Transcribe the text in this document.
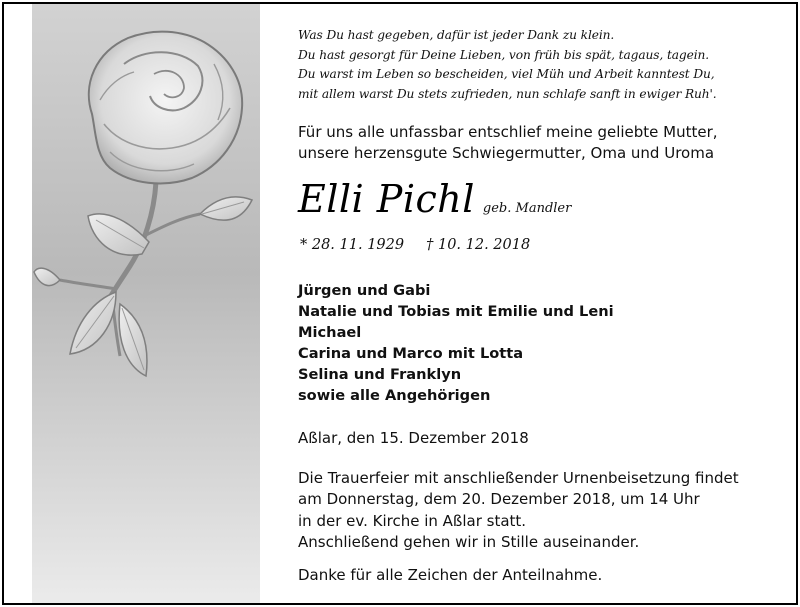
Was Du hast gegeben, dafür ist jeder Dank zu klein.
Du hast gesorgt für Deine Lieben, von früh bis spät, tagaus, tagein.
Du warst im Leben so bescheiden, viel Müh und Arbeit kanntest Du,
mit allem warst Du stets zufrieden, nun schlafe sanft in ewiger Ruh'.
Für uns alle unfassbar entschlief meine geliebte Mutter,
unsere herzensgute Schwiegermutter, Oma und Uroma
Elli Pichl geb. Mandler
* 28. 11. 1929 † 10. 12. 2018
Jürgen und Gabi
Natalie und Tobias mit Emilie und Leni
Michael
Carina und Marco mit Lotta
Selina und Franklyn
sowie alle Angehörigen
Aßlar, den 15. Dezember 2018
Die Trauerfeier mit anschließender Urnenbeisetzung findet
am Donnerstag, dem 20. Dezember 2018, um 14 Uhr
in der ev. Kirche in Aßlar statt.
Anschließend gehen wir in Stille auseinander.
Danke für alle Zeichen der Anteilnahme.
